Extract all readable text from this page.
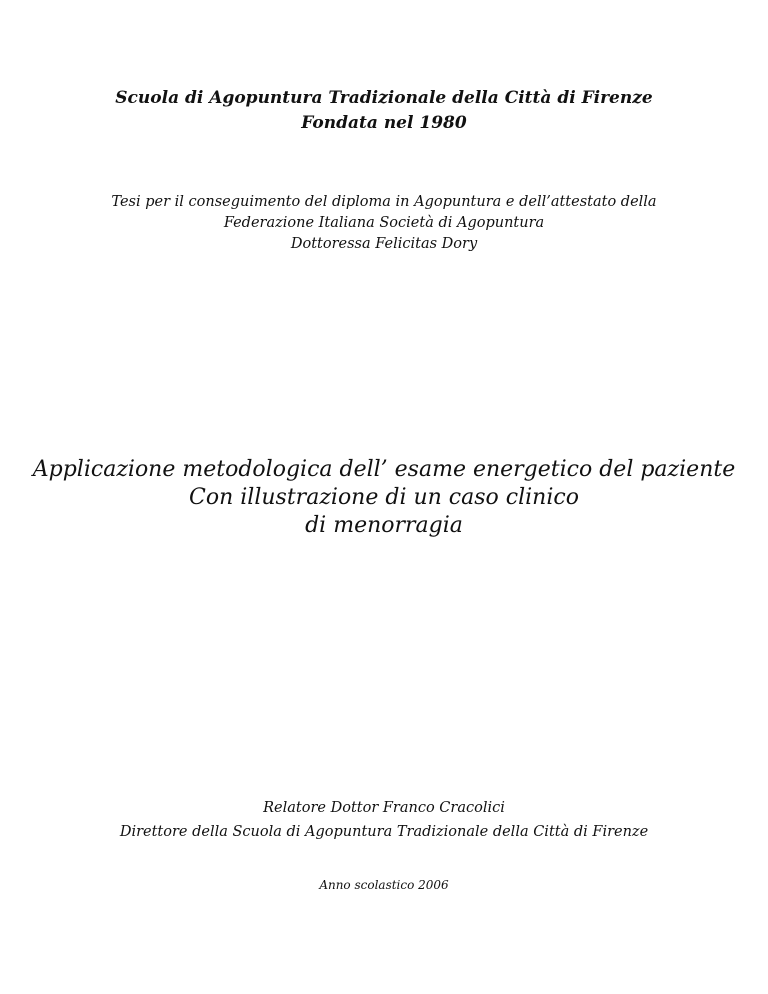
Scuola di Agopuntura Tradizionale della Città di Firenze
Fondata nel 1980
Tesi per il conseguimento del diploma in Agopuntura e dell’attestato della
Federazione Italiana Società di Agopuntura
Dottoressa Felicitas Dory
Applicazione metodologica dell’ esame energetico del paziente
Con illustrazione di un caso clinico
di menorragia
Relatore Dottor Franco Cracolici
Direttore della Scuola di Agopuntura Tradizionale della Città di Firenze
Anno scolastico 2006
